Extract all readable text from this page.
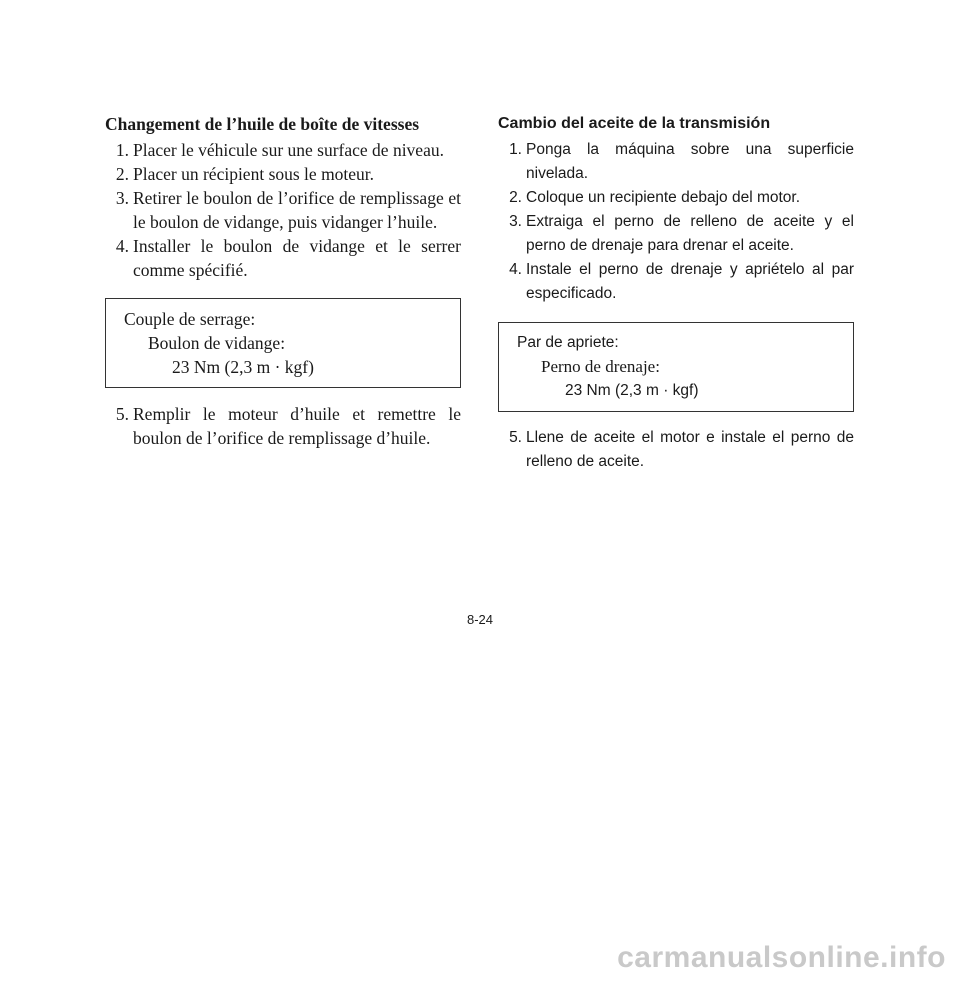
Changement de l’huile de boîte de vitesses
1. Placer le véhicule sur une surface de niveau.
2. Placer un récipient sous le moteur.
3. Retirer le boulon de l’orifice de remplissage et le boulon de vidange, puis vidanger l’huile.
4. Installer le boulon de vidange et le serrer comme spécifié.
Couple de serrage:
Boulon de vidange:
23 Nm (2,3 m · kgf)
5. Remplir le moteur d’huile et remettre le boulon de l’orifice de remplissage d’huile.
Cambio del aceite de la transmisión
1. Ponga la máquina sobre una superficie nivelada.
2. Coloque un recipiente debajo del motor.
3. Extraiga el perno de relleno de aceite y el perno de drenaje para drenar el aceite.
4. Instale el perno de drenaje y apriételo al par especificado.
Par de apriete:
Perno de drenaje:
23 Nm (2,3 m · kgf)
5. Llene de aceite el motor e instale el perno de relleno de aceite.
8-24
carmanualsonline.info
